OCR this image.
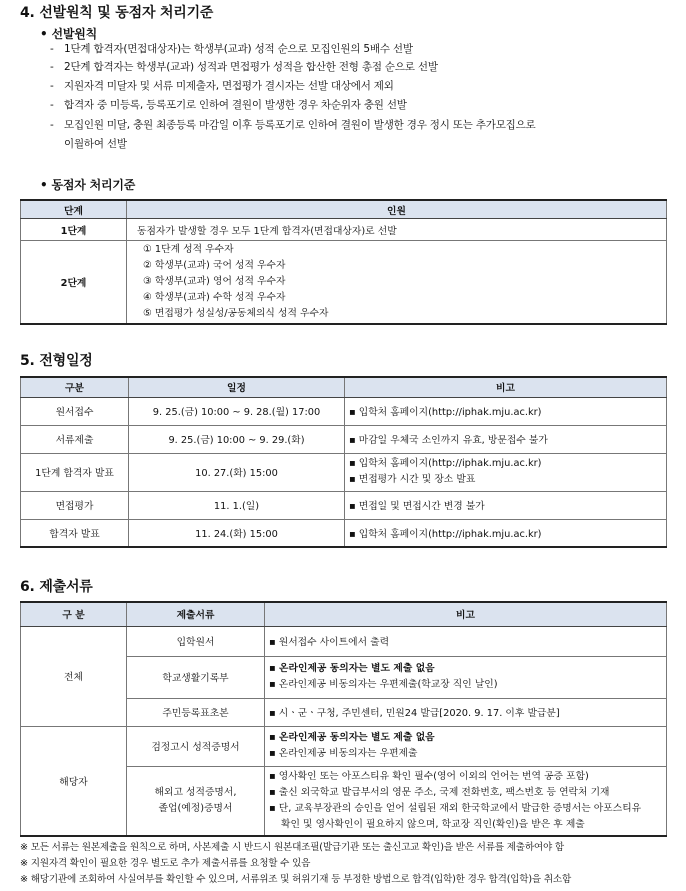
4. 선발원칙 및 동점자 처리기준
• 선발원칙
- 1단계 합격자(면접대상자)는 학생부(교과) 성적 순으로 모집인원의 5배수 선발
- 2단계 합격자는 학생부(교과) 성적과 면접평가 성적을 합산한 전형 총점 순으로 선발
- 지원자격 미달자 및 서류 미제출자, 면접평가 결시자는 선발 대상에서 제외
- 합격자 중 미등록, 등록포기로 인하여 결원이 발생한 경우 차순위자 충원 선발
- 모집인원 미달, 충원 최종등록 마감일 이후 등록포기로 인하여 결원이 발생한 경우 정시 또는 추가모집으로
이월하여 선발
• 동점자 처리기준
단계	인원
1단계	동점자가 발생할 경우 모두 1단계 합격자(면접대상자)로 선발
2단계	① 1단계 성적 우수자
② 학생부(교과) 국어 성적 우수자
③ 학생부(교과) 영어 성적 우수자
④ 학생부(교과) 수학 성적 우수자
⑤ 면접평가 성실성/공동체의식 성적 우수자
5. 전형일정
구분	일정	비고
원서접수	9. 25.(금) 10:00 ~ 9. 28.(월) 17:00	▪ 입학처 홈페이지(http://iphak.mju.ac.kr)
서류제출	9. 25.(금) 10:00 ~ 9. 29.(화)	▪ 마감일 우체국 소인까지 유효, 방문접수 불가
1단계 합격자 발표	10. 27.(화) 15:00	▪ 입학처 홈페이지(http://iphak.mju.ac.kr)
▪ 면접평가 시간 및 장소 발표

면접평가	11. 1.(일)	▪ 면접일 및 면접시간 변경 불가
합격자 발표	11. 24.(화) 15:00	▪ 입학처 홈페이지(http://iphak.mju.ac.kr)
6. 제출서류
구 분	제출서류	비고
전체	입학원서	▪ 원서접수 사이트에서 출력
	학교생활기록부	▪ 온라인제공 동의자는 별도 제출 없음
▪ 온라인제공 비동의자는 우편제출(학교장 직인 날인)

	주민등록표초본	▪ 시ㆍ군ㆍ구청, 주민센터, 민원24 발급[2020. 9. 17. 이후 발급분]
해당자	검정고시 성적증명서	▪ 온라인제공 동의자는 별도 제출 없음
▪ 온라인제공 비동의자는 우편제출

	해외고 성적증명서,
졸업(예정)증명서	▪ 영사확인 또는 아포스티유 확인 필수(영어 이외의 언어는 번역 공증 포함)
▪ 출신 외국학교 발급부서의 영문 주소, 국제 전화번호, 팩스번호 등 연락처 기재
▪ 단, 교육부장관의 승인을 얻어 설립된 재외 한국학교에서 발급한 증명서는 아포스티유
확인 및 영사확인이 필요하지 않으며, 학교장 직인(확인)을 받은 후 제출
※ 모든 서류는 원본제출을 원칙으로 하며, 사본제출 시 반드시 원본대조필(발급기관 또는 출신고교 확인)을 받은 서류를 제출하여야 함
※ 지원자격 확인이 필요한 경우 별도로 추가 제출서류를 요청할 수 있음
※ 해당기관에 조회하여 사실여부를 확인할 수 있으며, 서류위조 및 허위기재 등 부정한 방법으로 합격(입학)한 경우 합격(입학)을 취소함
